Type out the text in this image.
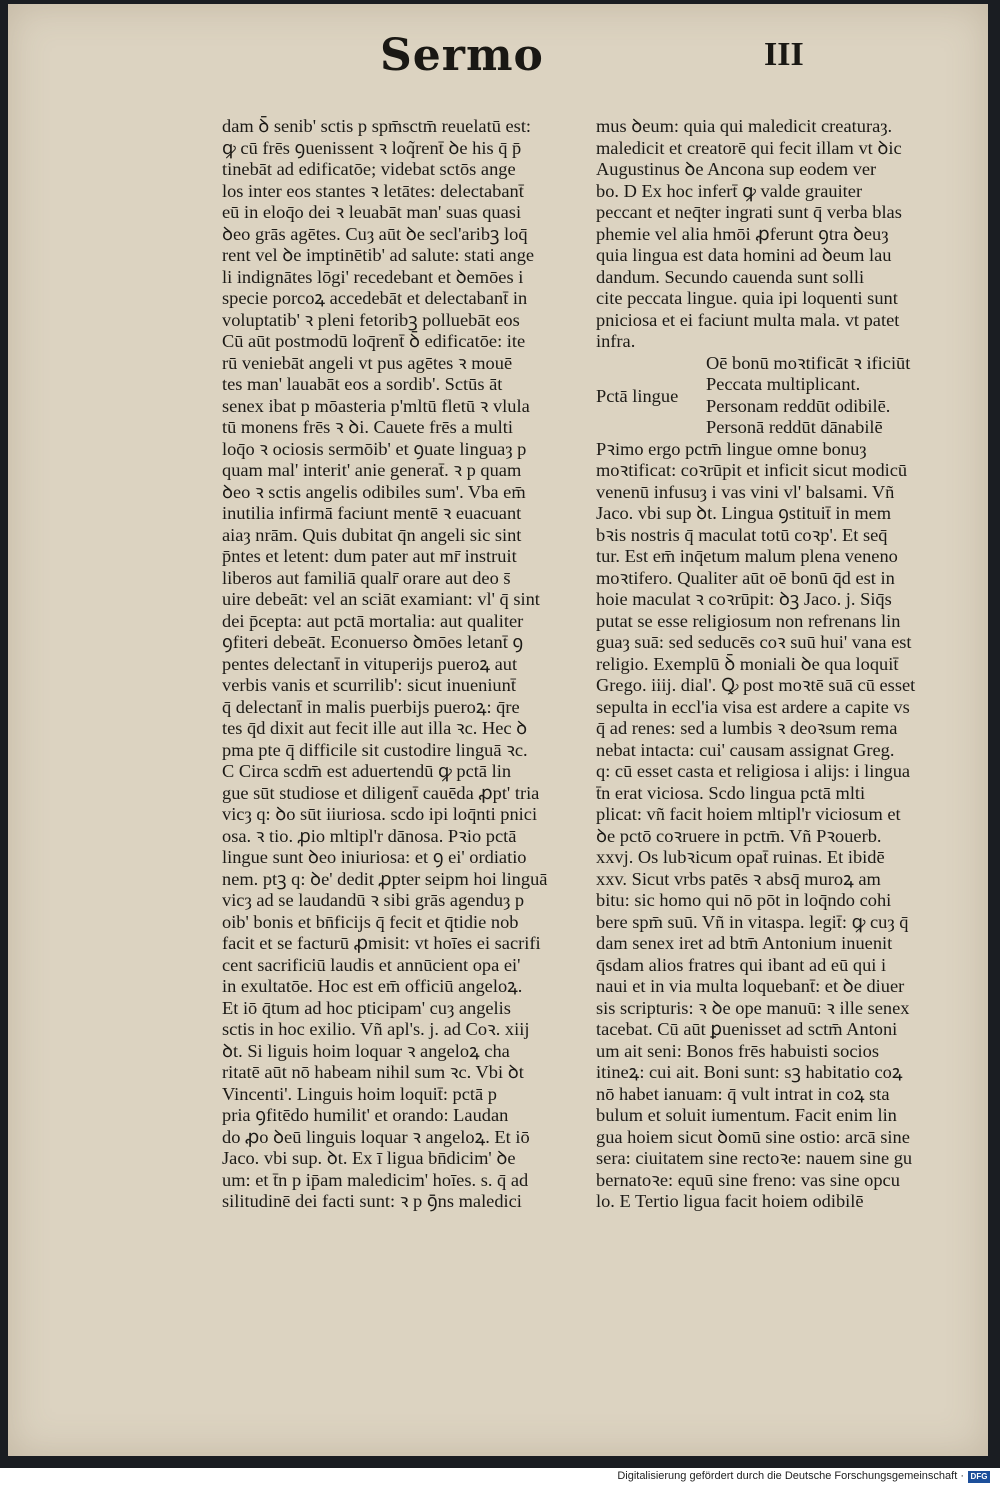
Sermo	III
dam ꝺ̄ senib' sctis p spm̄sctm̄ reuelatū est:
ꝙ cū frēs ꝯuenissent ꝛ loq̃rent̄ ꝺe his q̄ p̄
tinebāt ad edificatōe; videbat sctōs ange
los inter eos stantes ꝛ letātes: delectabant̄
eū in eloq̄o dei ꝛ leuabāt man' suas quasi
ꝺeo grās agētes. Cuȝ aūt ꝺe secl'aribꝫ loq̄
rent vel ꝺe imptinētib' ad salute: stati ange
li indignātes lōgi' recedebant et ꝺemōes i
specie porcoꝝ accedebāt et delectabant̄ in
voluptatib' ꝛ pleni fetoribꝫ polluebāt eos
Cū aūt postmodū loq̄rent̄ ꝺ̄ edificatōe: ite
rū veniebāt angeli vt pus agētes ꝛ mouē
tes man' lauabāt eos a sordib'. Sctūs āt
senex ibat p mōasteria p'mltū fletū ꝛ vlula
tū monens frēs ꝛ ꝺi. Cauete frēs a multi
loq̄o ꝛ ociosis sermōib' et ꝯuate linguaȝ p
quam mal' interit' anie generat̄. ꝛ p quam
ꝺeo ꝛ sctis angelis odibiles sum'. Vba em̄
inutilia infirmā faciunt mentē ꝛ euacuant
aiaȝ nrām. Quis dubitat q̄n angeli sic sint
p̄ntes et letent: dum pater aut mr̄ instruit
liberos aut familiā qualr̄ orare aut deo s̄
uire debeāt: vel an sciāt examiant: vl' q̄ sint
dei p̄cepta: aut pctā mortalia: aut qualiter
ꝯfiteri debeāt. Econuerso ꝺmōes letant̄ ꝯ
pentes delectant̄ in vituperijs pueroꝝ aut
verbis vanis et scurrilib': sicut inueniunt̄
q̄ delectant̄ in malis puerbijs pueroꝝ: q̄re
tes q̄d dixit aut fecit ille aut illa ꝛc. Hec ꝺ
pma pte q̄ difficile sit custodire linguā ꝛc.
C Circa scdm̄ est aduertendū ꝙ pctā lin
gue sūt studiose et diligent̄ cauēda ꝓpt' tria
vicȝ q: ꝺo sūt iiuriosa. scdo ipi loq̄nti pnici
osa. ꝛ tio. ꝓio mltipl'r dānosa. Pꝛio pctā
lingue sunt ꝺeo iniuriosa: et ꝯ ei' ordiatio
nem. ptꝫ q: ꝺe' dedit ꝓpter seipm hoi linguā
vicȝ ad se laudandū ꝛ sibi grās agenduȝ p
oib' bonis et bn̄ficijs q̄ fecit et q̄tidie nob
facit et se facturū ꝓmisit: vt hoīes ei sacrifi
cent sacrificiū laudis et annūcient opa ei'
in exultatōe. Hoc est em̄ officiū angeloꝝ.
Et iō q̄tum ad hoc pticipam' cuȝ angelis
sctis in hoc exilio. Vñ apl's. j. ad Coꝛ. xiij
ꝺt. Si liguis hoim loquar ꝛ angeloꝝ cha
ritatē aūt nō habeam nihil sum ꝛc. Vbi ꝺt
Vincenti'. Linguis hoim loquit̄: pctā p
pria ꝯfitēdo humilit' et orando: Laudan
do ꝓo ꝺeū linguis loquar ꝛ angeloꝝ. Et iō
Jaco. vbi sup. ꝺt. Ex ī ligua bn̄dicim' ꝺe
um: et t̄n p ip̄am maledicim' hoīes. s. q̄ ad
silitudinē dei facti sunt: ꝛ p ꝯ̄ns maledici
mus ꝺeum: quia qui maledicit creaturaȝ.
maledicit et creatorē qui fecit illam vt ꝺic
Augustinus ꝺe Ancona sup eodem ver
bo. D Ex hoc infert̄ ꝙ valde grauiter
peccant et neq̄ter ingrati sunt q̄ verba blas
phemie vel alia hmōi ꝓferunt ꝯtra ꝺeuȝ
quia lingua est data homini ad ꝺeum lau
dandum. Secundo cauenda sunt solli
cite peccata lingue. quia ipi loquenti sunt
pniciosa et ei faciunt multa mala. vt patet
infra.
Oē bonū moꝛtificāt ꝛ ificiūt
Peccata multiplicant.
Personam reddūt odibilē.
Personā reddūt dānabilē
Pꝛimo ergo pctm̄ lingue omne bonuȝ
moꝛtificat: coꝛrūpit et inficit sicut modicū
venenū infusuȝ i vas vini vl' balsami. Vñ
Jaco. vbi sup ꝺt. Lingua ꝯstituit̄ in mem
bꝛis nostris q̄ maculat totū coꝛp'. Et seq̄
tur. Est em̄ inq̄etum malum plena veneno
moꝛtifero. Qualiter aūt oē bonū q̄d est in
hoie maculat ꝛ coꝛrūpit: ꝺꝫ Jaco. j. Siq̄s
putat se esse religiosum non refrenans lin
guaȝ suā: sed seducēs coꝛ suū hui' vana est
religio. Exemplū ꝺ̄ moniali ꝺe qua loquit̄
Grego. iiij. dial'. Ꝙ post moꝛtē suā cū esset
sepulta in eccl'ia visa est ardere a capite vs
q̄ ad renes: sed a lumbis ꝛ deoꝛsum rema
nebat intacta: cui' causam assignat Greg.
q: cū esset casta et religiosa i alijs: i lingua
t̄n erat viciosa. Scdo lingua pctā mlti
plicat: vñ facit hoiem mltipl'r viciosum et
ꝺe pctō coꝛruere in pctm̄. Vñ Pꝛouerb.
xxvj. Os lubꝛicum opat̄ ruinas. Et ibidē
xxv. Sicut vrbs patēs ꝛ absq̄ muroꝝ am
bitu: sic homo qui nō pōt in loq̄ndo cohi
bere spm̄ suū. Vñ in vitaspa. legit̄: ꝙ cuȝ q̄
dam senex iret ad btm̄ Antonium inuenit
q̄sdam alios fratres qui ibant ad eū qui i
naui et in via multa loquebant̄: et ꝺe diuer
sis scripturis: ꝛ ꝺe ope manuū: ꝛ ille senex
tacebat. Cū aūt ꝑuenisset ad sctm̄ Antoni
um ait seni: Bonos frēs habuisti socios
itineꝝ: cui ait. Boni sunt: sꝫ habitatio coꝝ
nō habet ianuam: q̄ vult intrat in coꝝ sta
bulum et soluit iumentum. Facit enim lin
gua hoiem sicut ꝺomū sine ostio: arcā sine
sera: ciuitatem sine rectoꝛe: nauem sine gu
bernatoꝛe: equū sine freno: vas sine opcu
lo. E Tertio ligua facit hoiem odibilē
Pctā lingue
Digitalisierung gefördert durch die Deutsche Forschungsgemeinschaft · DFG
